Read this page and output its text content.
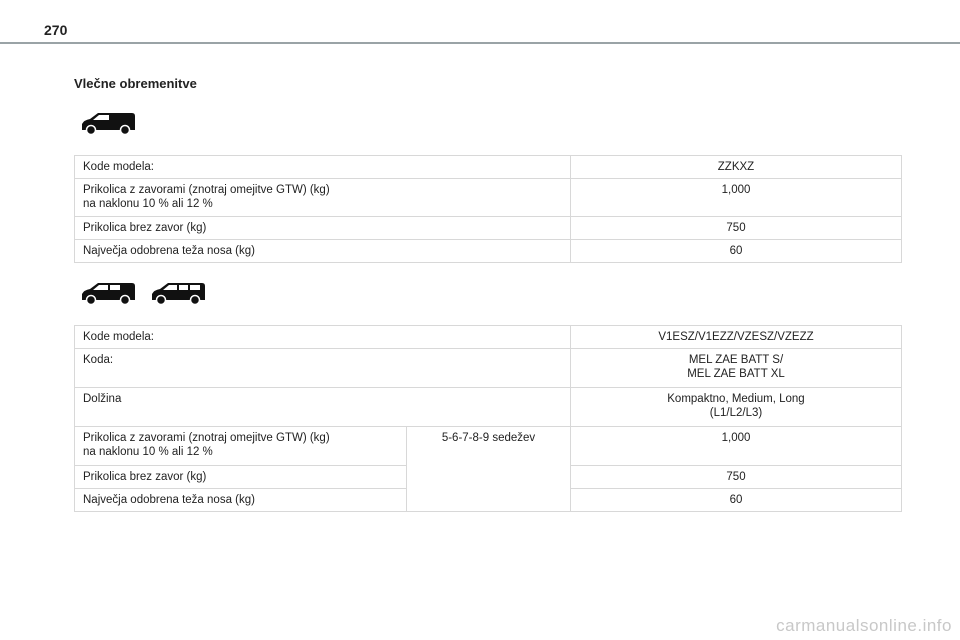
270
Vlečne obremenitve
Kode modela:	ZZKXZ

Prikolica z zavorami (znotraj omejitve GTW) (kg)
na naklonu 10 % ali 12 %	1,000
Prikolica brez zavor (kg)	750
Največja odobrena teža nosa (kg)	60
Kode modela:		V1ESZ/V1EZZ/VZESZ/VZEZZ
Koda:		MEL ZAE BATT S/
MEL ZAE BATT XL

Dolžina		Kompaktno, Medium, Long
(L1/L2/L3)

Prikolica z zavorami (znotraj omejitve GTW) (kg)
na naklonu 10 % ali 12 %	5-6-7-8-9 sedežev	1,000
Prikolica brez zavor (kg)		750
Največja odobrena teža nosa (kg)		60
carmanualsonline.info
